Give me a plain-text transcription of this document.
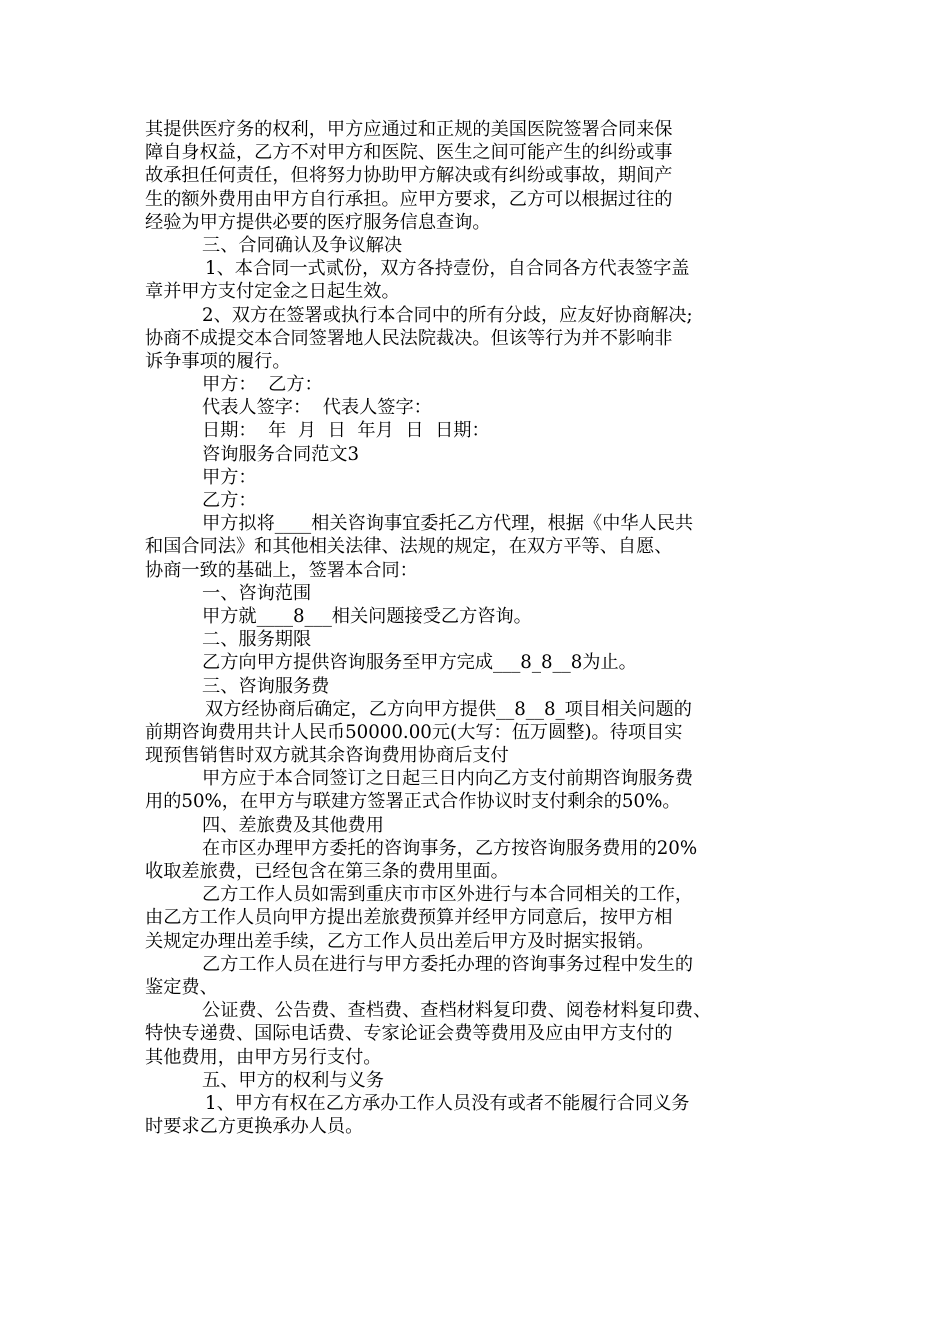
其提供医疗务的权利，甲方应通过和正规的美国医院签署合同来保
障自身权益，乙方不对甲方和医院、医生之间可能产生的纠纷或事
故承担任何责任，但将努力协助甲方解决或有纠纷或事故，期间产
生的额外费用由甲方自行承担。应甲方要求，乙方可以根据过往的
经验为甲方提供必要的医疗服务信息查询。
三、合同确认及争议解决
1、本合同一式贰份，双方各持壹份，自合同各方代表签字盖
章并甲方支付定金之日起生效。
2、双方在签署或执行本合同中的所有分歧，应友好协商解决;
协商不成提交本合同签署地人民法院裁决。但该等行为并不影响非
诉争事项的履行。
甲方：  乙方：
代表人签字：  代表人签字：
日期：  年  月  日  年月  日  日期：
咨询服务合同范文3
甲方：
乙方：
甲方拟将____相关咨询事宜委托乙方代理，根据《中华人民共
和国合同法》和其他相关法律、法规的规定，在双方平等、自愿、
协商一致的基础上，签署本合同：
一、咨询范围
甲方就____8___相关问题接受乙方咨询。
二、服务期限
乙方向甲方提供咨询服务至甲方完成___8_8__8为止。
三、咨询服务费
双方经协商后确定，乙方向甲方提供__8__8_项目相关问题的
前期咨询费用共计人民币50000.00元(大写：伍万圆整)。待项目实
现预售销售时双方就其余咨询费用协商后支付
甲方应于本合同签订之日起三日内向乙方支付前期咨询服务费
用的50%，在甲方与联建方签署正式合作协议时支付剩余的50%。
四、差旅费及其他费用
在市区办理甲方委托的咨询事务，乙方按咨询服务费用的20%
收取差旅费，已经包含在第三条的费用里面。
乙方工作人员如需到重庆市市区外进行与本合同相关的工作，
由乙方工作人员向甲方提出差旅费预算并经甲方同意后，按甲方相
关规定办理出差手续，乙方工作人员出差后甲方及时据实报销。
乙方工作人员在进行与甲方委托办理的咨询事务过程中发生的
鉴定费、
公证费、公告费、查档费、查档材料复印费、阅卷材料复印费、
特快专递费、国际电话费、专家论证会费等费用及应由甲方支付的
其他费用，由甲方另行支付。
五、甲方的权利与义务
1、甲方有权在乙方承办工作人员没有或者不能履行合同义务
时要求乙方更换承办人员。
